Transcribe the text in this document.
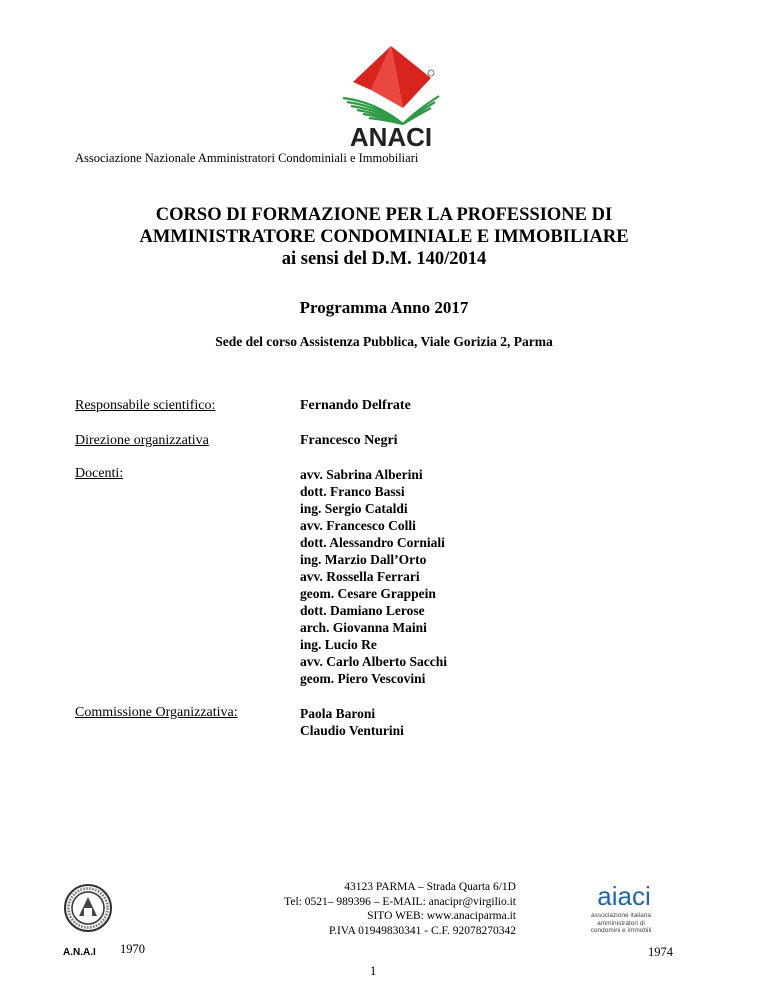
ANACI
Associazione Nazionale Amministratori Condominiali e Immobiliari
CORSO DI FORMAZIONE PER LA PROFESSIONE DI
AMMINISTRATORE CONDOMINIALE E IMMOBILIARE
ai sensi del D.M. 140/2014
Programma Anno 2017
Sede del corso Assistenza Pubblica, Viale Gorizia 2, Parma
Responsabile scientifico:	Fernando Delfrate
Direzione organizzativa	Francesco Negri
Docenti:	avv. Sabrina Alberini
dott. Franco Bassi
ing. Sergio Cataldi
avv. Francesco Colli
dott. Alessandro Corniali
ing. Marzio Dall’Orto
avv. Rossella Ferrari
geom. Cesare Grappein
dott. Damiano Lerose
arch. Giovanna Maini
ing. Lucio Re
avv. Carlo Alberto Sacchi
geom. Piero Vescovini
Commissione Organizzativa:	Paola Baroni
Claudio Venturini
A.N.A.I 1970
43123 PARMA – Strada Quarta 6/1D
Tel: 0521– 989396 – E-MAIL: anacipr@virgilio.it
SITO WEB: www.anaciparma.it
P.IVA 01949830341 - C.F. 92078270342
1
aiaci
associazione italiana amministratori di condomini e immobili
1974
